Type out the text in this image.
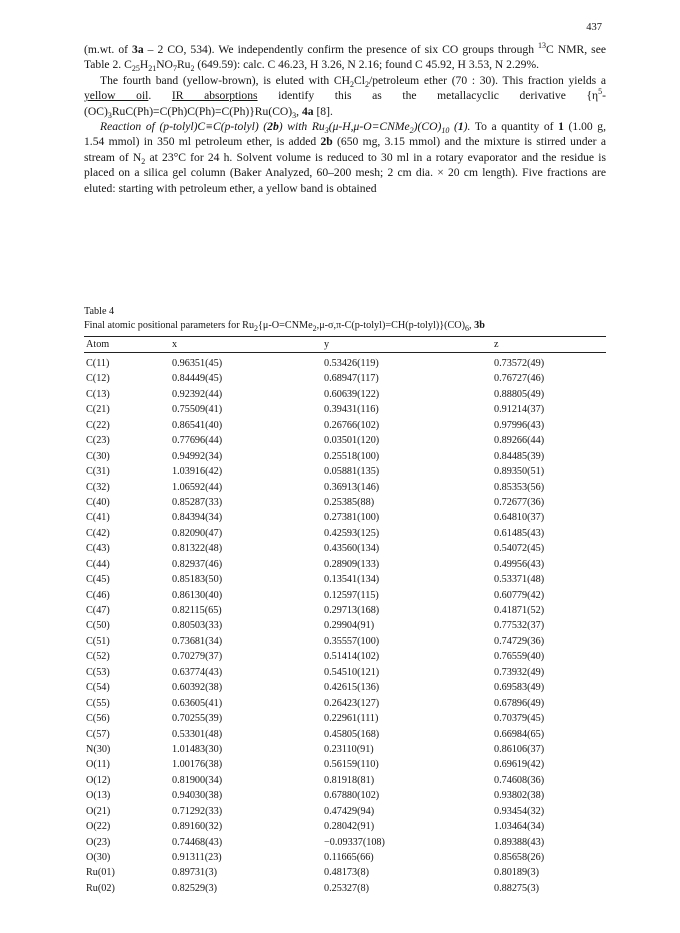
437

(m.wt. of 3a – 2 CO, 534). We independently confirm the presence of six CO groups through $^{13}$C NMR, see Table 2. $C_{25}H_{21}NO_7Ru_2$ (649.59): calc. C 46.23, H 3.26, N 2.16; found C 45.92, H 3.53, N 2.29%.

The fourth band (yellow-brown), is eluted with $CH_2Cl_2$/petroleum ether (70 : 30). This fraction yields a yellow oil. IR absorptions identify this as the metallacyclic derivative $\{\eta^5-(OC)_3RuC(Ph)=C(Ph)C(Ph)=C(Ph)\}Ru(CO)_3$, 4a [8].

Reaction of (p-tolyl)C≡C(p-tolyl) (2b) with $Ru_3(\mu-H,\mu-O=CNMe_2)(CO)_{10}$ (1). To a quantity of 1 (1.00 g, 1.54 mmol) in 350 ml petroleum ether, is added 2b (650 mg, 3.15 mmol) and the mixture is stirred under a stream of $N_2$ at 23°C for 24 h. Solvent volume is reduced to 30 ml in a rotary evaporator and the residue is placed on a silica gel column (Baker Analyzed, 60–200 mesh; 2 cm dia. × 20 cm length). Five fractions are eluted: starting with petroleum ether, a yellow band is obtained

Table 4
Final atomic positional parameters for $Ru_2\{\mu-O=CNMe_2,\mu-\sigma,\pi-C(p-tolyl)=CH(p-tolyl)\}(CO)_6$, 3b
Atom	x	y	z
C(11)	0.96351(45)	0.53426(119)	0.73572(49)
C(12)	0.84449(45)	0.68947(117)	0.76727(46)
C(13)	0.92392(44)	0.60639(122)	0.88805(49)
C(21)	0.75509(41)	0.39431(116)	0.91214(37)
C(22)	0.86541(40)	0.26766(102)	0.97996(43)
C(23)	0.77696(44)	0.03501(120)	0.89266(44)
C(30)	0.94992(34)	0.25518(100)	0.84485(39)
C(31)	1.03916(42)	0.05881(135)	0.89350(51)
C(32)	1.06592(44)	0.36913(146)	0.85353(56)
C(40)	0.85287(33)	0.25385(88)	0.72677(36)
C(41)	0.84394(34)	0.27381(100)	0.64810(37)
C(42)	0.82090(47)	0.42593(125)	0.61485(43)
C(43)	0.81322(48)	0.43560(134)	0.54072(45)
C(44)	0.82937(46)	0.28909(133)	0.49956(43)
C(45)	0.85183(50)	0.13541(134)	0.53371(48)
C(46)	0.86130(40)	0.12597(115)	0.60779(42)
C(47)	0.82115(65)	0.29713(168)	0.41871(52)
C(50)	0.80503(33)	0.29904(91)	0.77532(37)
C(51)	0.73681(34)	0.35557(100)	0.74729(36)
C(52)	0.70279(37)	0.51414(102)	0.76559(40)
C(53)	0.63774(43)	0.54510(121)	0.73932(49)
C(54)	0.60392(38)	0.42615(136)	0.69583(49)
C(55)	0.63605(41)	0.26423(127)	0.67896(49)
C(56)	0.70255(39)	0.22961(111)	0.70379(45)
C(57)	0.53301(48)	0.45805(168)	0.66984(65)
N(30)	1.01483(30)	0.23110(91)	0.86106(37)
O(11)	1.00176(38)	0.56159(110)	0.69619(42)
O(12)	0.81900(34)	0.81918(81)	0.74608(36)
O(13)	0.94030(38)	0.67880(102)	0.93802(38)
O(21)	0.71292(33)	0.47429(94)	0.93454(32)
O(22)	0.89160(32)	0.28042(91)	1.03464(34)
O(23)	0.74468(43)	−0.09337(108)	0.89388(43)
O(30)	0.91311(23)	0.11665(66)	0.85658(26)
Ru(01)	0.89731(3)	0.48173(8)	0.80189(3)
Ru(02)	0.82529(3)	0.25327(8)	0.88275(3)
